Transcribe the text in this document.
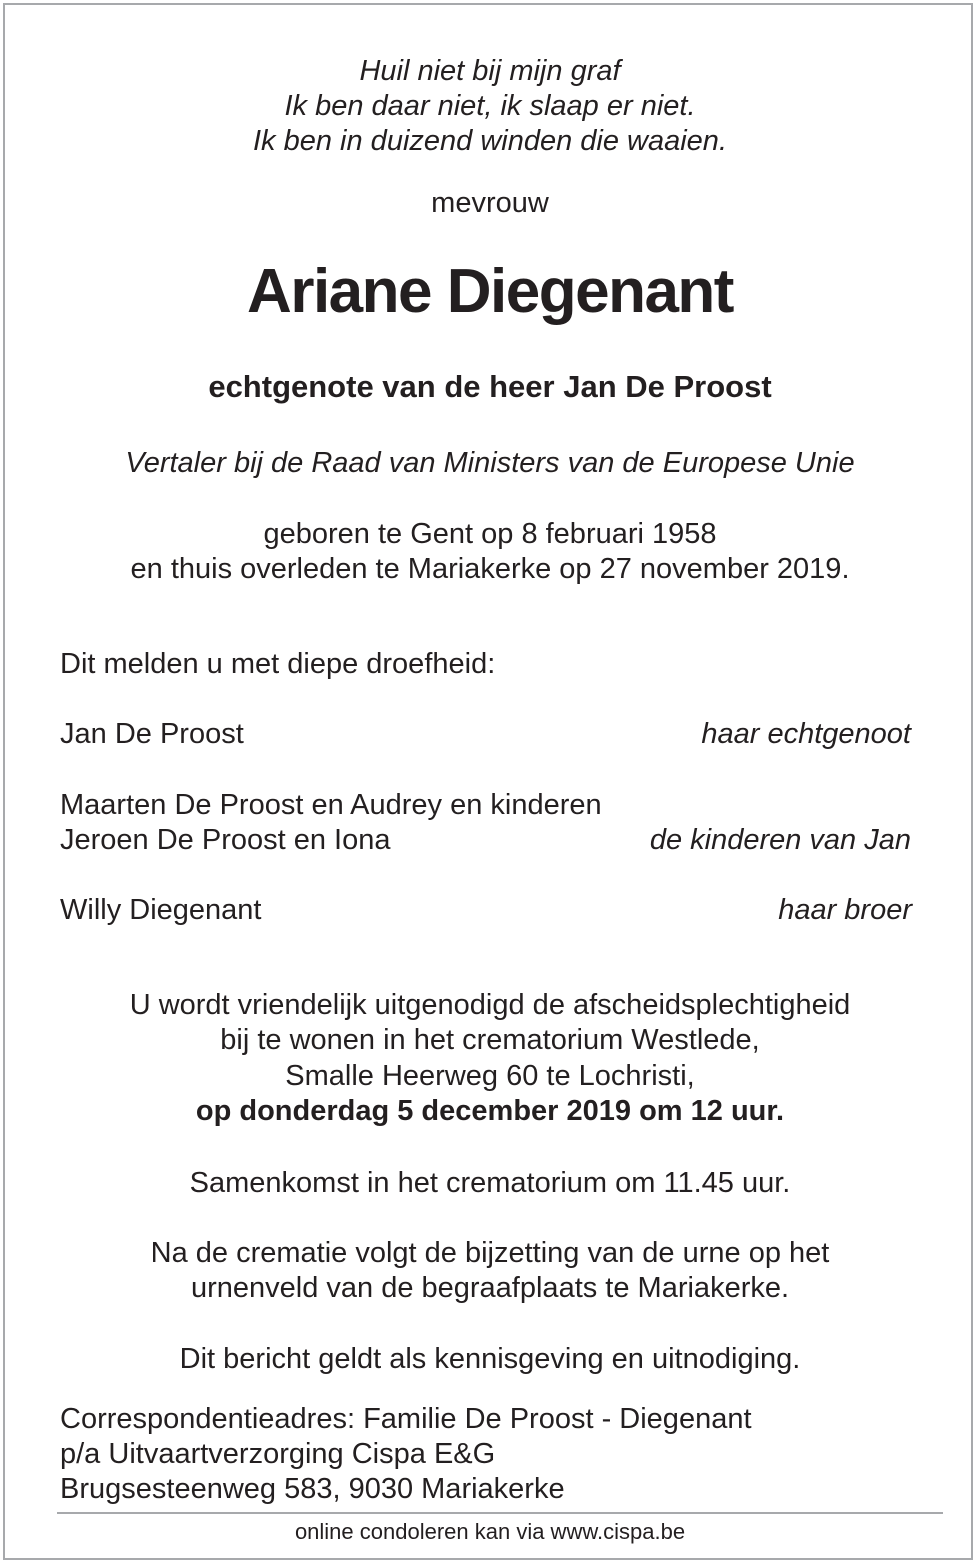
Huil niet bij mijn graf
Ik ben daar niet, ik slaap er niet.
Ik ben in duizend winden die waaien.
mevrouw
Ariane Diegenant
echtgenote van de heer Jan De Proost
Vertaler bij de Raad van Ministers van de Europese Unie
geboren te Gent op 8 februari 1958
en thuis overleden te Mariakerke op 27 november 2019.
Dit melden u met diepe droefheid:
Jan De Proost	haar echtgenoot
Maarten De Proost en Audrey en kinderen
Jeroen De Proost en Iona	de kinderen van Jan
Willy Diegenant	haar broer
U wordt vriendelijk uitgenodigd de afscheidsplechtigheid
bij te wonen in het crematorium Westlede,
Smalle Heerweg 60 te Lochristi,
op donderdag 5 december 2019 om 12 uur.
Samenkomst in het crematorium om 11.45 uur.
Na de crematie volgt de bijzetting van de urne op het
urnenveld van de begraafplaats te Mariakerke.
Dit bericht geldt als kennisgeving en uitnodiging.
Correspondentieadres: Familie De Proost - Diegenant
p/a Uitvaartverzorging Cispa E&G
Brugsesteenweg 583, 9030 Mariakerke
online condoleren kan via www.cispa.be
